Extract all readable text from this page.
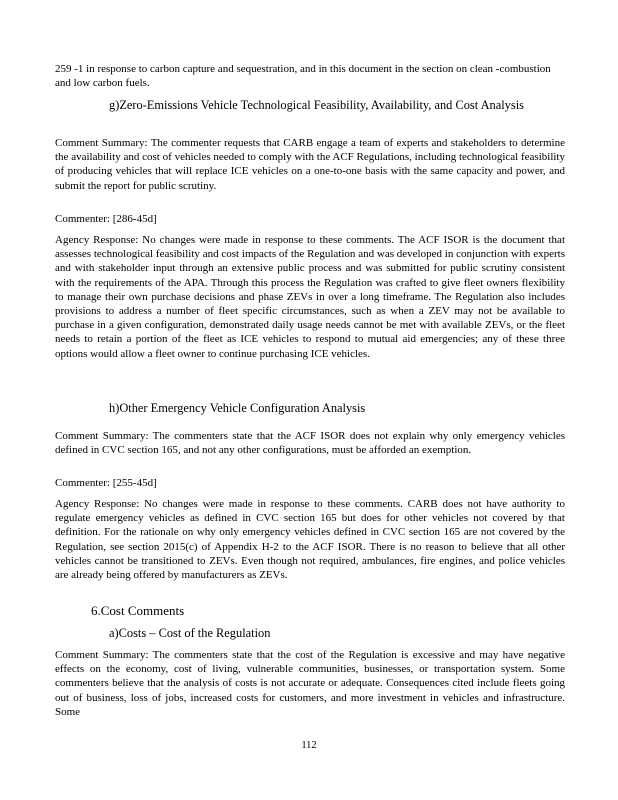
259 -1 in response to carbon capture and sequestration, and in this document in the section on clean -combustion and low carbon fuels.
g)Zero-Emissions Vehicle Technological Feasibility, Availability, and Cost Analysis
Comment Summary: The commenter requests that CARB engage a team of experts and stakeholders to determine the availability and cost of vehicles needed to comply with the ACF Regulations, including technological feasibility of producing vehicles that will replace ICE vehicles on a one-to-one basis with the same capacity and power, and submit the report for public scrutiny.
Commenter: [286-45d]
Agency Response: No changes were made in response to these comments. The ACF ISOR is the document that assesses technological feasibility and cost impacts of the Regulation and was developed in conjunction with experts and with stakeholder input through an extensive public process and was submitted for public scrutiny consistent with the requirements of the APA. Through this process the Regulation was crafted to give fleet owners flexibility to manage their own purchase decisions and phase ZEVs in over a long timeframe. The Regulation also includes provisions to address a number of fleet specific circumstances, such as when a ZEV may not be available to purchase in a given configuration, demonstrated daily usage needs cannot be met with available ZEVs, or the fleet needs to retain a portion of the fleet as ICE vehicles to respond to mutual aid emergencies; any of these three options would allow a fleet owner to continue purchasing ICE vehicles.
h)Other Emergency Vehicle Configuration Analysis
Comment Summary: The commenters state that the ACF ISOR does not explain why only emergency vehicles defined in CVC section 165, and not any other configurations, must be afforded an exemption.
Commenter: [255-45d]
Agency Response: No changes were made in response to these comments. CARB does not have authority to regulate emergency vehicles as defined in CVC section 165 but does for other vehicles not covered by that definition. For the rationale on why only emergency vehicles defined in CVC section 165 are not covered by the Regulation, see section 2015(c) of Appendix H-2 to the ACF ISOR. There is no reason to believe that all other vehicles cannot be transitioned to ZEVs. Even though not required, ambulances, fire engines, and police vehicles are already being offered by manufacturers as ZEVs.
6.Cost Comments
a)Costs – Cost of the Regulation
Comment Summary: The commenters state that the cost of the Regulation is excessive and may have negative effects on the economy, cost of living, vulnerable communities, businesses, or transportation system. Some commenters believe that the analysis of costs is not accurate or adequate. Consequences cited include fleets going out of business, loss of jobs, increased costs for customers, and more investment in vehicles and infrastructure. Some
112
